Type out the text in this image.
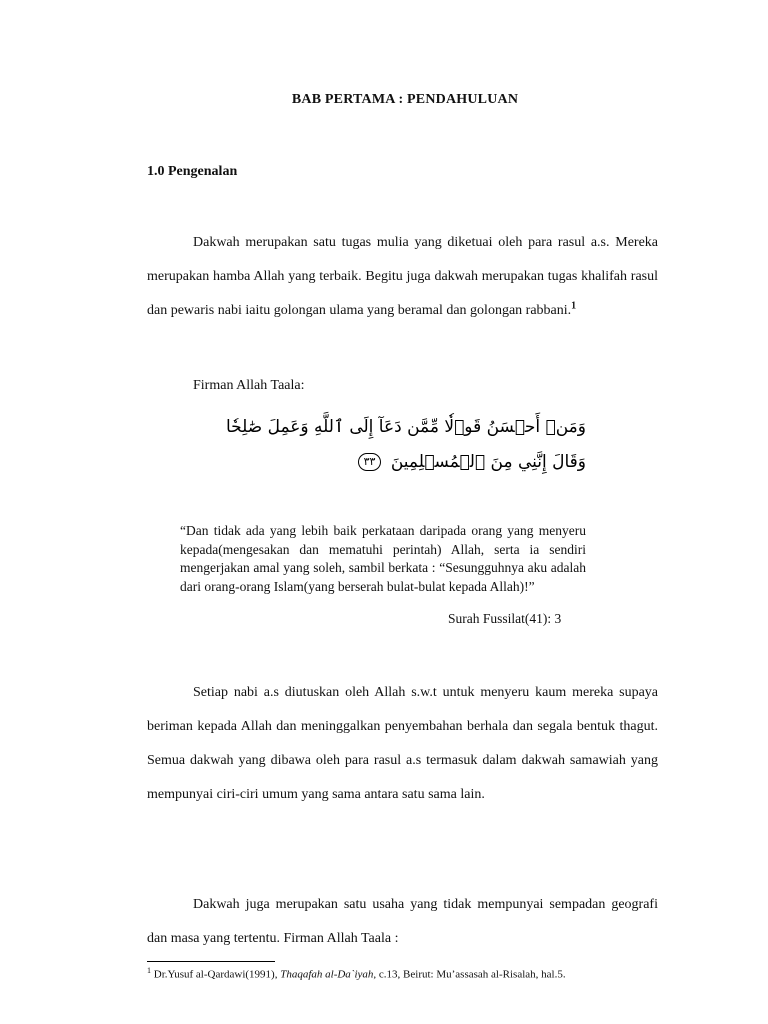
BAB PERTAMA : PENDAHULUAN
1.0 Pengenalan

Dakwah merupakan satu tugas mulia yang diketuai oleh para rasul a.s. Mereka merupakan hamba Allah yang terbaik. Begitu juga dakwah merupakan tugas khalifah rasul dan pewaris nabi iaitu golongan ulama yang beramal dan golongan rabbani.$^1$

Firman Allah Taala:
وَمَنۡ أَحۡسَنُ قَوۡلٗا مِّمَّن دَعَآ إِلَى ٱللَّهِ وَعَمِلَ صَٰلِحٗا
وَقَالَ إِنَّنِي مِنَ ٱلۡمُسۡلِمِينَ ٣٣

“Dan tidak ada yang lebih baik perkataan daripada orang yang menyeru kepada(mengesakan dan mematuhi perintah) Allah, serta ia sendiri mengerjakan amal yang soleh, sambil berkata : “Sesungguhnya aku adalah dari orang-orang Islam(yang berserah bulat-bulat kepada Allah)!”

Surah Fussilat(41): 3

Setiap nabi a.s diutuskan oleh Allah s.w.t untuk menyeru kaum mereka supaya beriman kepada Allah dan meninggalkan penyembahan berhala dan segala bentuk thagut. Semua dakwah yang dibawa oleh para rasul a.s termasuk dalam dakwah samawiah yang mempunyai ciri-ciri umum yang sama antara satu sama lain.

Dakwah juga merupakan satu usaha yang tidak mempunyai sempadan geografi dan masa yang tertentu. Firman Allah Taala :

$^1$ Dr.Yusuf al-Qardawi(1991), Thaqafah al-Da`iyah, c.13, Beirut: Mu’assasah al-Risalah, hal.5.
